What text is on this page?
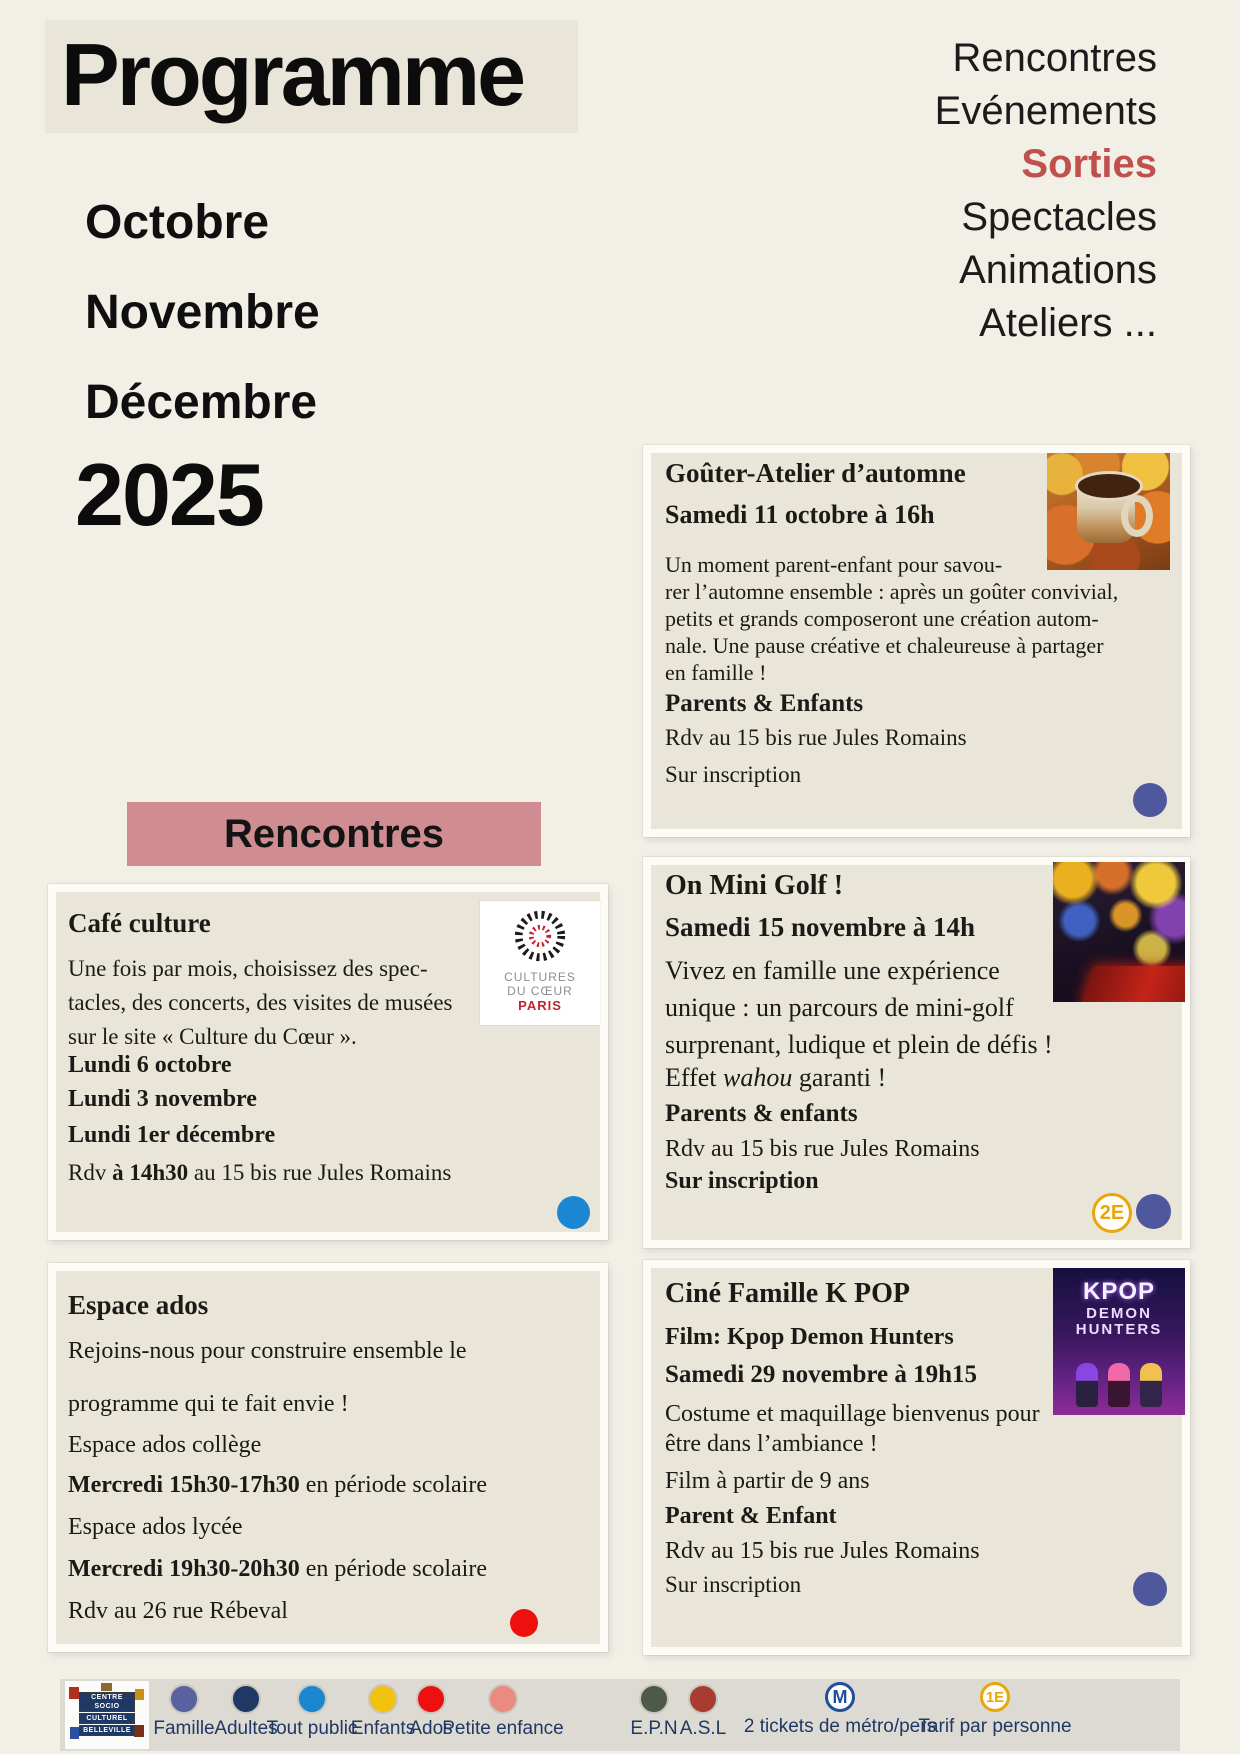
Programme
Octobre
Novembre
Décembre
2025
Rencontres
Evénements
Sorties
Spectacles
Animations
Ateliers ...
Rencontres
Goûter-Atelier d’automne
Samedi 11 octobre à 16h
Un moment parent-enfant pour savou-
rer l’automne ensemble : après un goûter convivial,
petits et grands composeront une création autom-
nale. Une pause créative et chaleureuse à partager
en famille !
Parents & Enfants
Rdv au 15 bis rue Jules Romains
Sur inscription
On Mini Golf !
Samedi 15 novembre à 14h
Vivez en famille une expérience
unique : un parcours de mini-golf
surprenant, ludique et plein de défis !
Effet wahou garanti !
Parents & enfants
Rdv au 15 bis rue Jules Romains
Sur inscription
2E
Ciné Famille K POP
Film: Kpop Demon Hunters
Samedi 29 novembre à 19h15
Costume et maquillage bienvenus pour
être dans l’ambiance !
Film à partir de 9 ans
Parent & Enfant
Rdv au 15 bis rue Jules Romains
Sur inscription
KPOP
DEMON
HUNTERS
Café culture
Une fois par mois, choisissez des spec-
tacles, des concerts, des visites de musées
sur le site « Culture du Cœur ».
Lundi 6 octobre
Lundi 3 novembre
Lundi 1er décembre
Rdv à 14h30 au 15 bis rue Jules Romains
CULTURES
DU CŒUR
PARIS
Espace ados
Rejoins-nous pour construire ensemble le
programme qui te fait envie !
Espace ados collège
Mercredi 15h30-17h30 en période scolaire
Espace ados lycée
Mercredi 19h30-20h30 en période scolaire
Rdv au 26 rue Rébeval
CENTRE SOCIO
CULTUREL
BELLEVILLE	Famille Adultes
Tout public
Enfants
Ados
Petite enfance	E.P.N A.S.L
M
2 tickets de métro/pers
1E
Tarif par personne
